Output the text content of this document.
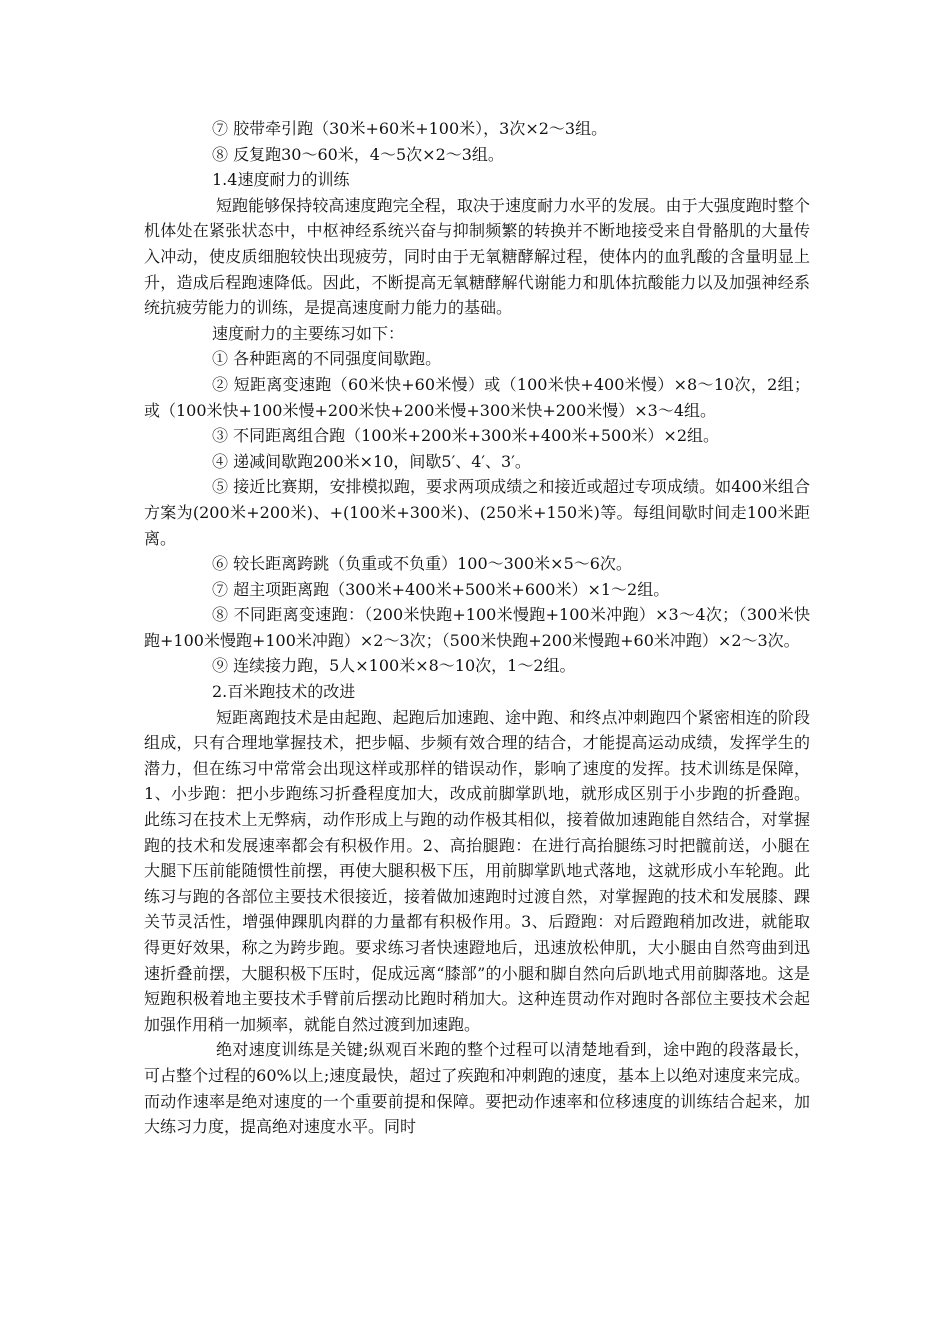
⑦ 胶带牵引跑（30米+60米+100米），3次×2～3组。

⑧ 反复跑30～60米，4～5次×2～3组。

1.4速度耐力的训练

短跑能够保持较高速度跑完全程，取决于速度耐力水平的发展。由于大强度跑时整个机体处在紧张状态中，中枢神经系统兴奋与抑制频繁的转换并不断地接受来自骨骼肌的大量传入冲动，使皮质细胞较快出现疲劳，同时由于无氧糖酵解过程，使体内的血乳酸的含量明显上升，造成后程跑速降低。因此，不断提高无氧糖酵解代谢能力和肌体抗酸能力以及加强神经系统抗疲劳能力的训练，是提高速度耐力能力的基础。

速度耐力的主要练习如下：

① 各种距离的不同强度间歇跑。

② 短距离变速跑（60米快+60米慢）或（100米快+400米慢）×8～10次，2组；或（100米快+100米慢+200米快+200米慢+300米快+200米慢）×3～4组。

③ 不同距离组合跑（100米+200米+300米+400米+500米）×2组。

④ 递减间歇跑200米×10，间歇5′、4′、3′。

⑤ 接近比赛期，安排模拟跑，要求两项成绩之和接近或超过专项成绩。如400米组合方案为(200米+200米)、+(100米+300米)、(250米+150米)等。每组间歇时间走100米距离。

⑥ 较长距离跨跳（负重或不负重）100～300米×5～6次。

⑦ 超主项距离跑（300米+400米+500米+600米）×1～2组。

⑧ 不同距离变速跑：（200米快跑+100米慢跑+100米冲跑）×3～4次；（300米快跑+100米慢跑+100米冲跑）×2～3次；（500米快跑+200米慢跑+60米冲跑）×2～3次。

⑨ 连续接力跑，5人×100米×8～10次，1～2组。

2.百米跑技术的改进

短距离跑技术是由起跑、起跑后加速跑、途中跑、和终点冲刺跑四个紧密相连的阶段组成，只有合理地掌握技术，把步幅、步频有效合理的结合，才能提高运动成绩，发挥学生的潜力，但在练习中常常会出现这样或那样的错误动作，影响了速度的发挥。技术训练是保障，1、小步跑：把小步跑练习折叠程度加大，改成前脚掌趴地，就形成区别于小步跑的折叠跑。此练习在技术上无弊病，动作形成上与跑的动作极其相似，接着做加速跑能自然结合，对掌握跑的技术和发展速率都会有积极作用。2、高抬腿跑：在进行高抬腿练习时把髋前送，小腿在大腿下压前能随惯性前摆，再使大腿积极下压，用前脚掌趴地式落地，这就形成小车轮跑。此练习与跑的各部位主要技术很接近，接着做加速跑时过渡自然，对掌握跑的技术和发展膝、踝关节灵活性，增强伸踝肌肉群的力量都有积极作用。3、后蹬跑：对后蹬跑稍加改进，就能取得更好效果，称之为跨步跑。要求练习者快速蹬地后，迅速放松伸肌，大小腿由自然弯曲到迅速折叠前摆，大腿积极下压时，促成远离“膝部”的小腿和脚自然向后趴地式用前脚落地。这是短跑积极着地主要技术手臂前后摆动比跑时稍加大。这种连贯动作对跑时各部位主要技术会起加强作用稍一加频率，就能自然过渡到加速跑。

绝对速度训练是关键;纵观百米跑的整个过程可以清楚地看到，途中跑的段落最长，可占整个过程的60%以上;速度最快，超过了疾跑和冲刺跑的速度，基本上以绝对速度来完成。而动作速率是绝对速度的一个重要前提和保障。要把动作速率和位移速度的训练结合起来，加大练习力度，提高绝对速度水平。同时
